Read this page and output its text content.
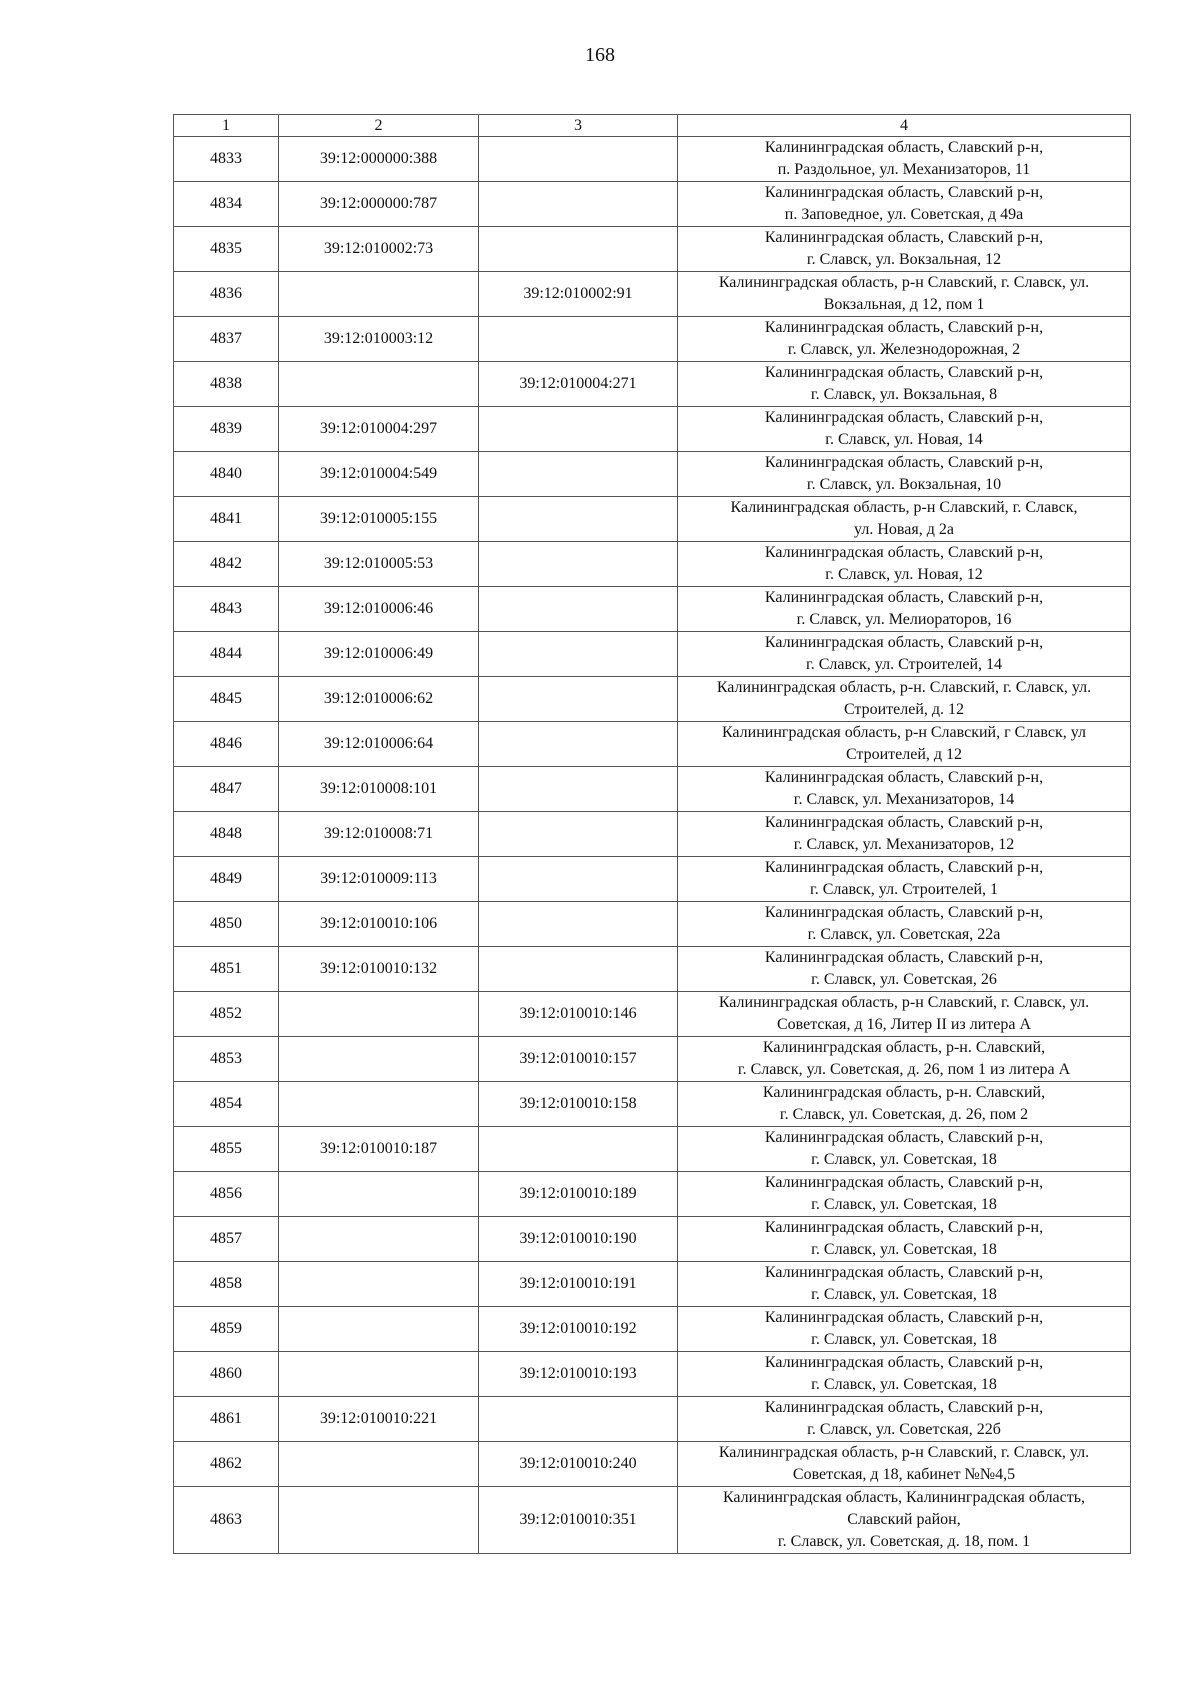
168
1	2	3	4
4833	39:12:000000:388		Калининградская область, Славский р-н,
п. Раздольное, ул. Механизаторов, 11

4834	39:12:000000:787		Калининградская область, Славский р-н,
п. Заповедное, ул. Советская, д 49а

4835	39:12:010002:73		Калининградская область, Славский р-н,
г. Славск, ул. Вокзальная, 12

4836		39:12:010002:91	Калининградская область, р-н Славский, г. Славск, ул.
Вокзальная, д 12, пом 1

4837	39:12:010003:12		Калининградская область, Славский р-н,
г. Славск, ул. Железнодорожная, 2

4838		39:12:010004:271	Калининградская область, Славский р-н,
г. Славск, ул. Вокзальная, 8

4839	39:12:010004:297		Калининградская область, Славский р-н,
г. Славск, ул. Новая, 14

4840	39:12:010004:549		Калининградская область, Славский р-н,
г. Славск, ул. Вокзальная, 10

4841	39:12:010005:155		Калининградская область, р-н Славский, г. Славск,
ул. Новая, д 2а

4842	39:12:010005:53		Калининградская область, Славский р-н,
г. Славск, ул. Новая, 12

4843	39:12:010006:46		Калининградская область, Славский р-н,
г. Славск, ул. Мелиораторов, 16

4844	39:12:010006:49		Калининградская область, Славский р-н,
г. Славск, ул. Строителей, 14

4845	39:12:010006:62		Калининградская область, р-н. Славский, г. Славск, ул.
Строителей, д. 12

4846	39:12:010006:64		Калининградская область, р-н Славский, г Славск, ул
Строителей, д 12

4847	39:12:010008:101		Калининградская область, Славский р-н,
г. Славск, ул. Механизаторов, 14

4848	39:12:010008:71		Калининградская область, Славский р-н,
г. Славск, ул. Механизаторов, 12

4849	39:12:010009:113		Калининградская область, Славский р-н,
г. Славск, ул. Строителей, 1

4850	39:12:010010:106		Калининградская область, Славский р-н,
г. Славск, ул. Советская, 22а

4851	39:12:010010:132		Калининградская область, Славский р-н,
г. Славск, ул. Советская, 26

4852		39:12:010010:146	Калининградская область, р-н Славский, г. Славск, ул.
Советская, д 16, Литер II из литера А

4853		39:12:010010:157	Калининградская область, р-н. Славский,
г. Славск, ул. Советская, д. 26, пом 1 из литера А

4854		39:12:010010:158	Калининградская область, р-н. Славский,
г. Славск, ул. Советская, д. 26, пом 2

4855	39:12:010010:187		Калининградская область, Славский р-н,
г. Славск, ул. Советская, 18

4856		39:12:010010:189	Калининградская область, Славский р-н,
г. Славск, ул. Советская, 18

4857		39:12:010010:190	Калининградская область, Славский р-н,
г. Славск, ул. Советская, 18

4858		39:12:010010:191	Калининградская область, Славский р-н,
г. Славск, ул. Советская, 18

4859		39:12:010010:192	Калининградская область, Славский р-н,
г. Славск, ул. Советская, 18

4860		39:12:010010:193	Калининградская область, Славский р-н,
г. Славск, ул. Советская, 18

4861	39:12:010010:221		Калининградская область, Славский р-н,
г. Славск, ул. Советская, 22б

4862		39:12:010010:240	Калининградская область, р-н Славский, г. Славск, ул.
Советская, д 18, кабинет №№4,5

4863		39:12:010010:351	Калининградская область, Калининградская область,
Славский район,
г. Славск, ул. Советская, д. 18, пом. 1
